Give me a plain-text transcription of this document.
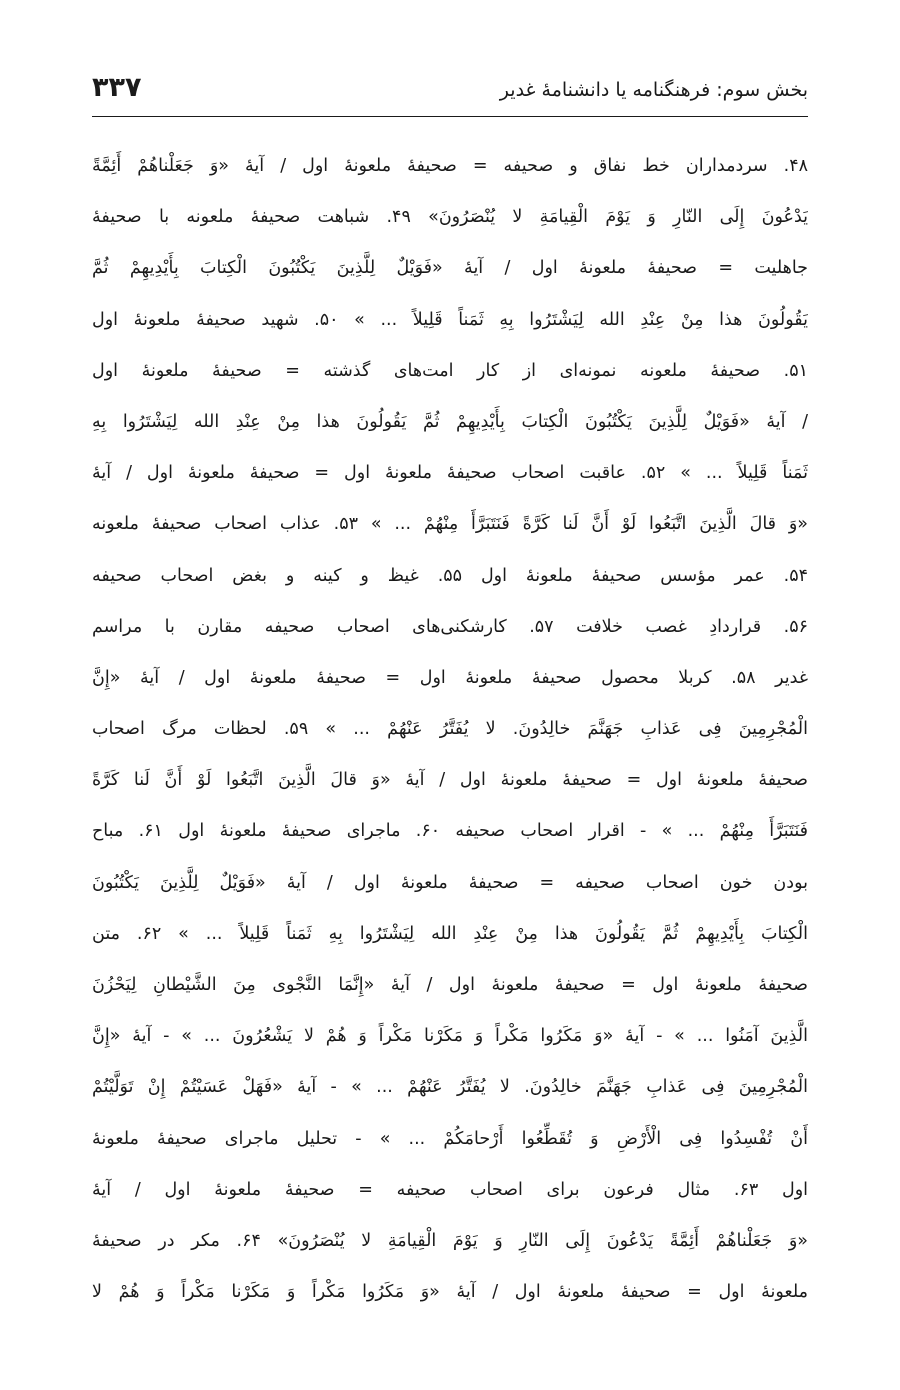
۳۳۷	بخش سوم: فرهنگنامه یا دانشنامهٔ غدیر
۴۸. سردمداران خط نفاق و صحیفه = صحیفهٔ ملعونهٔ اول / آیهٔ «وَ جَعَلْناهُمْ أَئِمَّةً
یَدْعُونَ إِلَى النّارِ وَ یَوْمَ الْقِیامَةِ لا یُنْصَرُونَ» ۴۹. شباهت صحیفهٔ ملعونه با صحیفهٔ
جاهلیت = صحیفهٔ ملعونهٔ اول / آیهٔ «فَوَیْلٌ لِلَّذِینَ یَکْتُبُونَ الْکِتابَ بِأَیْدِیهِمْ ثُمَّ
یَقُولُونَ هذا مِنْ عِنْدِ الله لِیَشْتَرُوا بِهِ ثَمَناً قَلِیلاً ... » ۵۰. شهید صحیفهٔ ملعونهٔ اول
۵۱. صحیفهٔ ملعونه نمونه‌ای از کار امت‌های گذشته = صحیفهٔ ملعونهٔ اول
/ آیهٔ «فَوَیْلٌ لِلَّذِینَ یَکْتُبُونَ الْکِتابَ بِأَیْدِیهِمْ ثُمَّ یَقُولُونَ هذا مِنْ عِنْدِ الله لِیَشْتَرُوا بِهِ
ثَمَناً قَلِیلاً ... » ۵۲. عاقبت اصحاب صحیفهٔ ملعونهٔ اول = صحیفهٔ ملعونهٔ اول / آیهٔ
«وَ قالَ الَّذِینَ اتَّبَعُوا لَوْ أَنَّ لَنا کَرَّةً فَنَتَبَرَّأَ مِنْهُمْ ... » ۵۳. عذاب اصحاب صحیفهٔ ملعونه
۵۴. عمر مؤسس صحیفهٔ ملعونهٔ اول ۵۵. غیظ و کینه و بغض اصحاب صحیفه
۵۶. قراردادِ غصب خلافت ۵۷. کارشکنی‌های اصحاب صحیفه مقارن با مراسم
غدیر ۵۸. کربلا محصول صحیفهٔ ملعونهٔ اول = صحیفهٔ ملعونهٔ اول / آیهٔ «إِنَّ
الْمُجْرِمِینَ فِی عَذابِ جَهَنَّمَ خالِدُونَ. لا یُفَتَّرُ عَنْهُمْ ... » ۵۹. لحظات مرگ اصحاب
صحیفهٔ ملعونهٔ اول = صحیفهٔ ملعونهٔ اول / آیهٔ «وَ قالَ الَّذِینَ اتَّبَعُوا لَوْ أَنَّ لَنا کَرَّةً
فَنَتَبَرَّأَ مِنْهُمْ ... » - اقرار اصحاب صحیفه ۶۰. ماجرای صحیفهٔ ملعونهٔ اول ۶۱. مباح
بودن خون اصحاب صحیفه = صحیفهٔ ملعونهٔ اول / آیهٔ «فَوَیْلٌ لِلَّذِینَ یَکْتُبُونَ
الْکِتابَ بِأَیْدِیهِمْ ثُمَّ یَقُولُونَ هذا مِنْ عِنْدِ الله لِیَشْتَرُوا بِهِ ثَمَناً قَلِیلاً ... » ۶۲. متن
صحیفهٔ ملعونهٔ اول = صحیفهٔ ملعونهٔ اول / آیهٔ «إِنَّمَا النَّجْوى مِنَ الشَّیْطانِ لِیَحْزُنَ
الَّذِینَ آمَنُوا ... » - آیهٔ «وَ مَکَرُوا مَکْراً وَ مَکَرْنا مَکْراً وَ هُمْ لا یَشْعُرُونَ ... » - آیهٔ «إِنَّ
الْمُجْرِمِینَ فِی عَذابِ جَهَنَّمَ خالِدُونَ. لا یُفَتَّرُ عَنْهُمْ ... » - آیهٔ «فَهَلْ عَسَیْتُمْ إِنْ تَوَلَّیْتُمْ
أَنْ تُفْسِدُوا فِی الْأَرْضِ وَ تُقَطِّعُوا أَرْحامَکُمْ ... » - تحلیل ماجرای صحیفهٔ ملعونهٔ
اول ۶۳. مثال فرعون برای اصحاب صحیفه = صحیفهٔ ملعونهٔ اول / آیهٔ
«وَ جَعَلْناهُمْ أَئِمَّةً یَدْعُونَ إِلَى النّارِ وَ یَوْمَ الْقِیامَةِ لا یُنْصَرُونَ» ۶۴. مکر در صحیفهٔ
ملعونهٔ اول = صحیفهٔ ملعونهٔ اول / آیهٔ «وَ مَکَرُوا مَکْراً وَ مَکَرْنا مَکْراً وَ هُمْ لا
